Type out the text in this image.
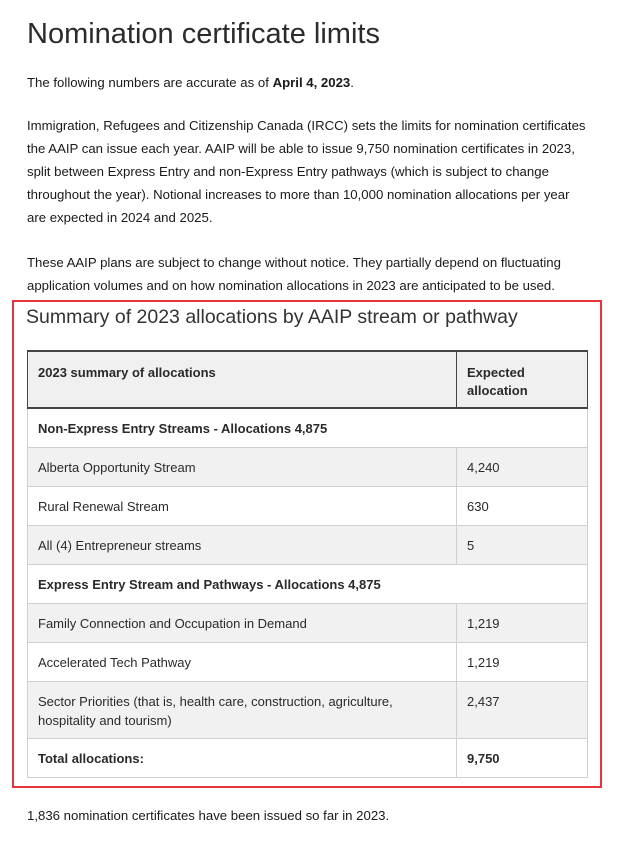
Nomination certificate limits

The following numbers are accurate as of April 4, 2023.

Immigration, Refugees and Citizenship Canada (IRCC) sets the limits for nomination certificates the AAIP can issue each year. AAIP will be able to issue 9,750 nomination certificates in 2023, split between Express Entry and non-Express Entry pathways (which is subject to change throughout the year). Notional increases to more than 10,000 nomination allocations per year are expected in 2024 and 2025.

These AAIP plans are subject to change without notice. They partially depend on fluctuating application volumes and on how nomination allocations in 2023 are anticipated to be used.

Summary of 2023 allocations by AAIP stream or pathway
2023 summary of allocations	Expected allocation

Non-Express Entry Streams - Allocations 4,875	
Alberta Opportunity Stream	4,240
Rural Renewal Stream	630
All (4) Entrepreneur streams	5
Express Entry Stream and Pathways - Allocations 4,875	
Family Connection and Occupation in Demand	1,219
Accelerated Tech Pathway	1,219
Sector Priorities (that is, health care, construction, agriculture, hospitality and tourism)	2,437
Total allocations:	9,750

1,836 nomination certificates have been issued so far in 2023.
